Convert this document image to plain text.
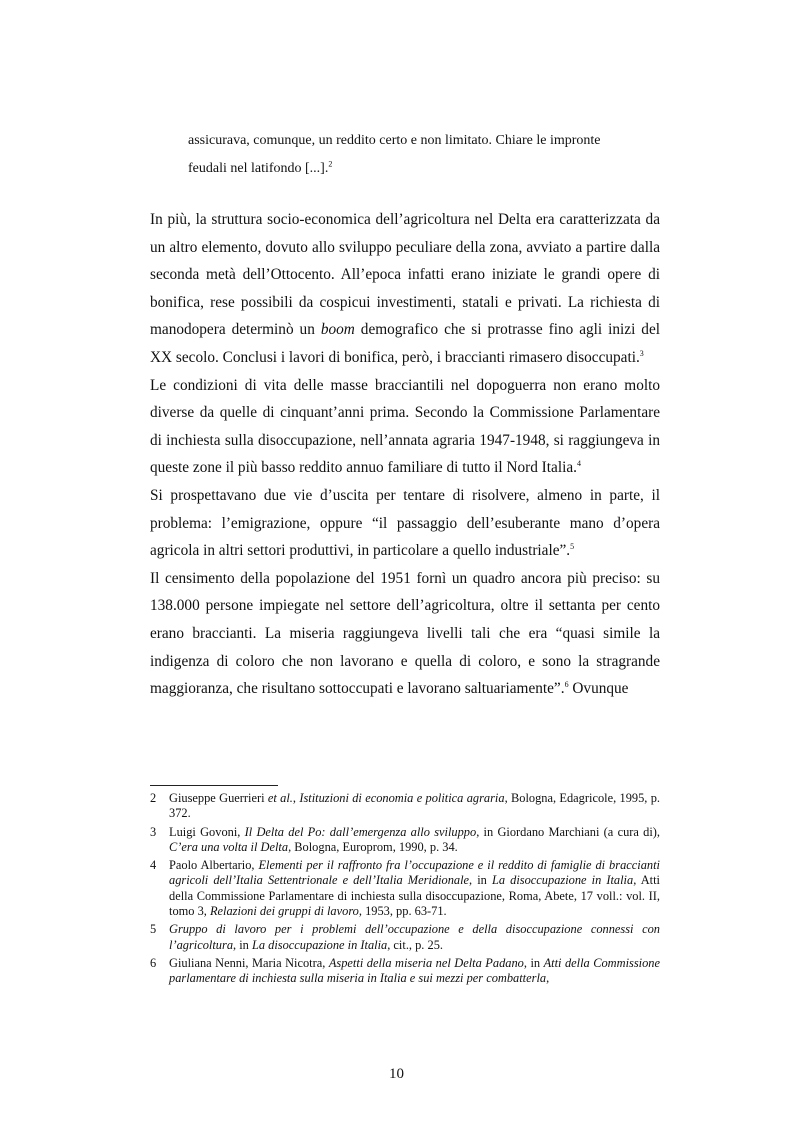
assicurava, comunque, un reddito certo e non limitato. Chiare le impronte
feudali nel latifondo [...].$^2$

In più, la struttura socio-economica dell’agricoltura nel Delta era caratterizzata da un altro elemento, dovuto allo sviluppo peculiare della zona, avviato a partire dalla seconda metà dell’Ottocento. All’epoca infatti erano iniziate le grandi opere di bonifica, rese possibili da cospicui investimenti, statali e privati. La richiesta di manodopera determinò un boom demografico che si protrasse fino agli inizi del XX secolo. Conclusi i lavori di bonifica, però, i braccianti rimasero disoccupati.$^3$

Le condizioni di vita delle masse bracciantili nel dopoguerra non erano molto diverse da quelle di cinquant’anni prima. Secondo la Commissione Parlamentare di inchiesta sulla disoccupazione, nell’annata agraria 1947-1948, si raggiungeva in queste zone il più basso reddito annuo familiare di tutto il Nord Italia.$^4$

Si prospettavano due vie d’uscita per tentare di risolvere, almeno in parte, il problema: l’emigrazione, oppure “il passaggio dell’esuberante mano d’opera agricola in altri settori produttivi, in particolare a quello industriale”.$^5$

Il censimento della popolazione del 1951 fornì un quadro ancora più preciso: su 138.000 persone impiegate nel settore dell’agricoltura, oltre il settanta per cento erano braccianti. La miseria raggiungeva livelli tali che era “quasi simile la indigenza di coloro che non lavorano e quella di coloro, e sono la stragrande maggioranza, che risultano sottoccupati e lavorano saltuariamente”.$^6$ Ovunque

2	Giuseppe Guerrieri et al., Istituzioni di economia e politica agraria, Bologna, Edagricole, 1995, p. 372.
3	Luigi Govoni, Il Delta del Po: dall’emergenza allo sviluppo, in Giordano Marchiani (a cura di), C’era una volta il Delta, Bologna, Europrom, 1990, p. 34.
4	Paolo Albertario, Elementi per il raffronto fra l’occupazione e il reddito di famiglie di braccianti agricoli dell’Italia Settentrionale e dell’Italia Meridionale, in La disoccupazione in Italia, Atti della Commissione Parlamentare di inchiesta sulla disoccupazione, Roma, Abete, 17 voll.: vol. II, tomo 3, Relazioni dei gruppi di lavoro, 1953, pp. 63-71.
5	Gruppo di lavoro per i problemi dell’occupazione e della disoccupazione connessi con l’agricoltura, in La disoccupazione in Italia, cit., p. 25.
6	Giuliana Nenni, Maria Nicotra, Aspetti della miseria nel Delta Padano, in Atti della Commissione parlamentare di inchiesta sulla miseria in Italia e sui mezzi per combatterla,
10
